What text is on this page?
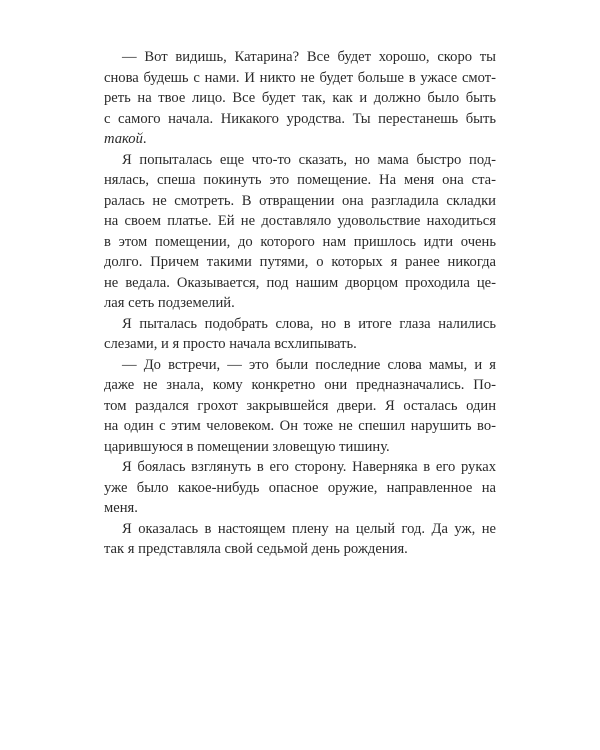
— Вот видишь, Катарина? Все будет хорошо, скоро ты
снова будешь с нами. И никто не будет больше в ужасе смот-
реть на твое лицо. Все будет так, как и должно было быть
с самого начала. Никакого уродства. Ты перестанешь быть
такой.

Я попыталась еще что-то сказать, но мама быстро под-
нялась, спеша покинуть это помещение. На меня она ста-
ралась не смотреть. В отвращении она разгладила складки
на своем платье. Ей не доставляло удовольствие находиться
в этом помещении, до которого нам пришлось идти очень
долго. Причем такими путями, о которых я ранее никогда
не ведала. Оказывается, под нашим дворцом проходила це-
лая сеть подземелий.

Я пыталась подобрать слова, но в итоге глаза налились
слезами, и я просто начала всхлипывать.

— До встречи, — это были последние слова мамы, и я
даже не знала, кому конкретно они предназначались. По-
том раздался грохот закрывшейся двери. Я осталась один
на один с этим человеком. Он тоже не спешил нарушить во-
царившуюся в помещении зловещую тишину.

Я боялась взглянуть в его сторону. Наверняка в его руках
уже было какое-нибудь опасное оружие, направленное на
меня.

Я оказалась в настоящем плену на целый год. Да уж, не
так я представляла свой седьмой день рождения.
